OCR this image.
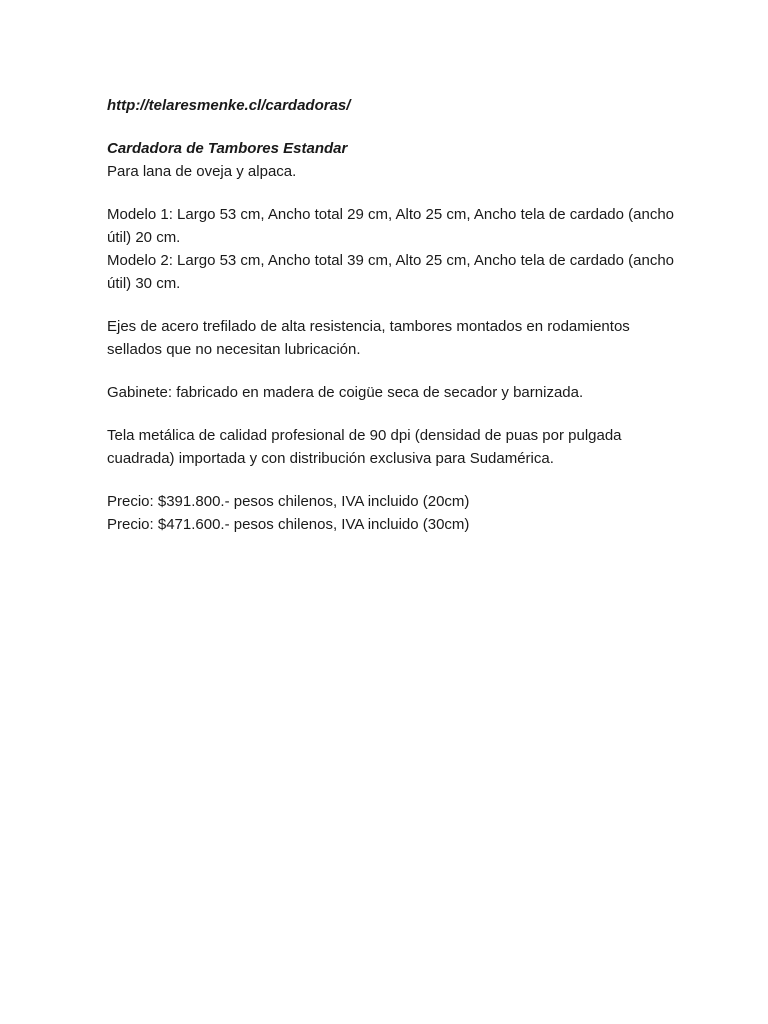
http://telaresmenke.cl/cardadoras/
Cardadora de Tambores Estandar
Para lana de oveja y alpaca.
Modelo 1: Largo 53 cm, Ancho total 29 cm, Alto 25 cm, Ancho tela de cardado (ancho
útil) 20 cm.
Modelo 2: Largo 53 cm, Ancho total 39 cm, Alto 25 cm, Ancho tela de cardado (ancho
útil) 30 cm.
Ejes de acero trefilado de alta resistencia, tambores montados en rodamientos
sellados que no necesitan lubricación.
Gabinete: fabricado en madera de coigüe seca de secador y barnizada.
Tela metálica de calidad profesional de 90 dpi (densidad de puas por pulgada
cuadrada) importada y con distribución exclusiva para Sudamérica.
Precio: $391.800.- pesos chilenos, IVA incluido (20cm)
Precio: $471.600.- pesos chilenos, IVA incluido (30cm)
